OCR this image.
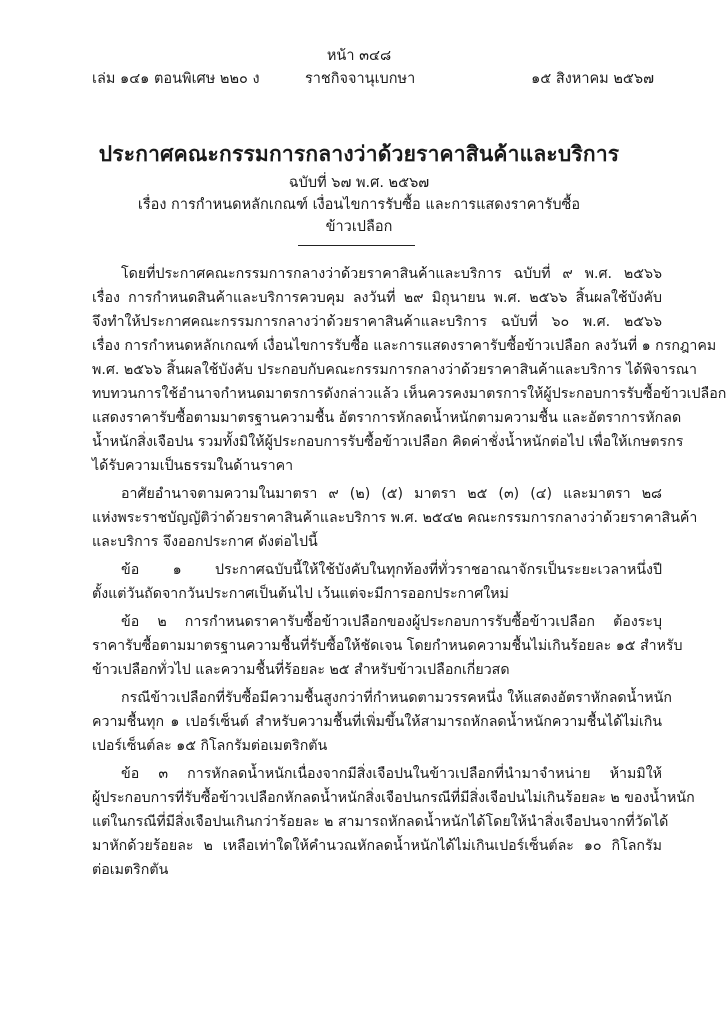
หน้า ๓๔๘
เล่ม ๑๔๑ ตอนพิเศษ ๒๒๐ ง	ราชกิจจานุเบกษา	๑๕ สิงหาคม ๒๕๖๗
ประกาศคณะกรรมการกลางว่าด้วยราคาสินค้าและบริการ
ฉบับที่ ๖๗ พ.ศ. ๒๕๖๗
เรื่อง การกำหนดหลักเกณฑ์ เงื่อนไขการรับซื้อ และการแสดงราคารับซื้อ
ข้าวเปลือก
โดยที่ประกาศคณะกรรมการกลางว่าด้วยราคาสินค้าและบริการ ฉบับที่ ๙ พ.ศ. ๒๕๖๖
เรื่อง การกำหนดสินค้าและบริการควบคุม ลงวันที่ ๒๙ มิถุนายน พ.ศ. ๒๕๖๖ สิ้นผลใช้บังคับ
จึงทำให้ประกาศคณะกรรมการกลางว่าด้วยราคาสินค้าและบริการ ฉบับที่ ๖๐ พ.ศ. ๒๕๖๖
เรื่อง การกำหนดหลักเกณฑ์ เงื่อนไขการรับซื้อ และการแสดงราคารับซื้อข้าวเปลือก ลงวันที่ ๑ กรกฎาคม
พ.ศ. ๒๕๖๖ สิ้นผลใช้บังคับ ประกอบกับคณะกรรมการกลางว่าด้วยราคาสินค้าและบริการ ได้พิจารณา
ทบทวนการใช้อำนาจกำหนดมาตรการดังกล่าวแล้ว เห็นควรคงมาตรการให้ผู้ประกอบการรับซื้อข้าวเปลือก
แสดงราคารับซื้อตามมาตรฐานความชื้น อัตราการหักลดน้ำหนักตามความชื้น และอัตราการหักลด
น้ำหนักสิ่งเจือปน รวมทั้งมิให้ผู้ประกอบการรับซื้อข้าวเปลือก คิดค่าชั่งน้ำหนักต่อไป เพื่อให้เกษตรกร
ได้รับความเป็นธรรมในด้านราคา
อาศัยอำนาจตามความในมาตรา ๙ (๒) (๕) มาตรา ๒๕ (๓) (๔) และมาตรา ๒๘
แห่งพระราชบัญญัติว่าด้วยราคาสินค้าและบริการ พ.ศ. ๒๕๔๒ คณะกรรมการกลางว่าด้วยราคาสินค้า
และบริการ จึงออกประกาศ ดังต่อไปนี้
ข้อ ๑ ประกาศฉบับนี้ให้ใช้บังคับในทุกท้องที่ทั่วราชอาณาจักรเป็นระยะเวลาหนึ่งปี
ตั้งแต่วันถัดจากวันประกาศเป็นต้นไป เว้นแต่จะมีการออกประกาศใหม่
ข้อ ๒ การกำหนดราคารับซื้อข้าวเปลือกของผู้ประกอบการรับซื้อข้าวเปลือก ต้องระบุ
ราคารับซื้อตามมาตรฐานความชื้นที่รับซื้อให้ชัดเจน โดยกำหนดความชื้นไม่เกินร้อยละ ๑๕ สำหรับ
ข้าวเปลือกทั่วไป และความชื้นที่ร้อยละ ๒๕ สำหรับข้าวเปลือกเกี่ยวสด
กรณีข้าวเปลือกที่รับซื้อมีความชื้นสูงกว่าที่กำหนดตามวรรคหนึ่ง ให้แสดงอัตราหักลดน้ำหนัก
ความชื้นทุก ๑ เปอร์เซ็นต์ สำหรับความชื้นที่เพิ่มขึ้นให้สามารถหักลดน้ำหนักความชื้นได้ไม่เกิน
เปอร์เซ็นต์ละ ๑๕ กิโลกรัมต่อเมตริกตัน
ข้อ ๓ การหักลดน้ำหนักเนื่องจากมีสิ่งเจือปนในข้าวเปลือกที่นำมาจำหน่าย ห้ามมิให้
ผู้ประกอบการที่รับซื้อข้าวเปลือกหักลดน้ำหนักสิ่งเจือปนกรณีที่มีสิ่งเจือปนไม่เกินร้อยละ ๒ ของน้ำหนัก
แต่ในกรณีที่มีสิ่งเจือปนเกินกว่าร้อยละ ๒ สามารถหักลดน้ำหนักได้โดยให้นำสิ่งเจือปนจากที่วัดได้
มาหักด้วยร้อยละ ๒ เหลือเท่าใดให้คำนวณหักลดน้ำหนักได้ไม่เกินเปอร์เซ็นต์ละ ๑๐ กิโลกรัม
ต่อเมตริกตัน
